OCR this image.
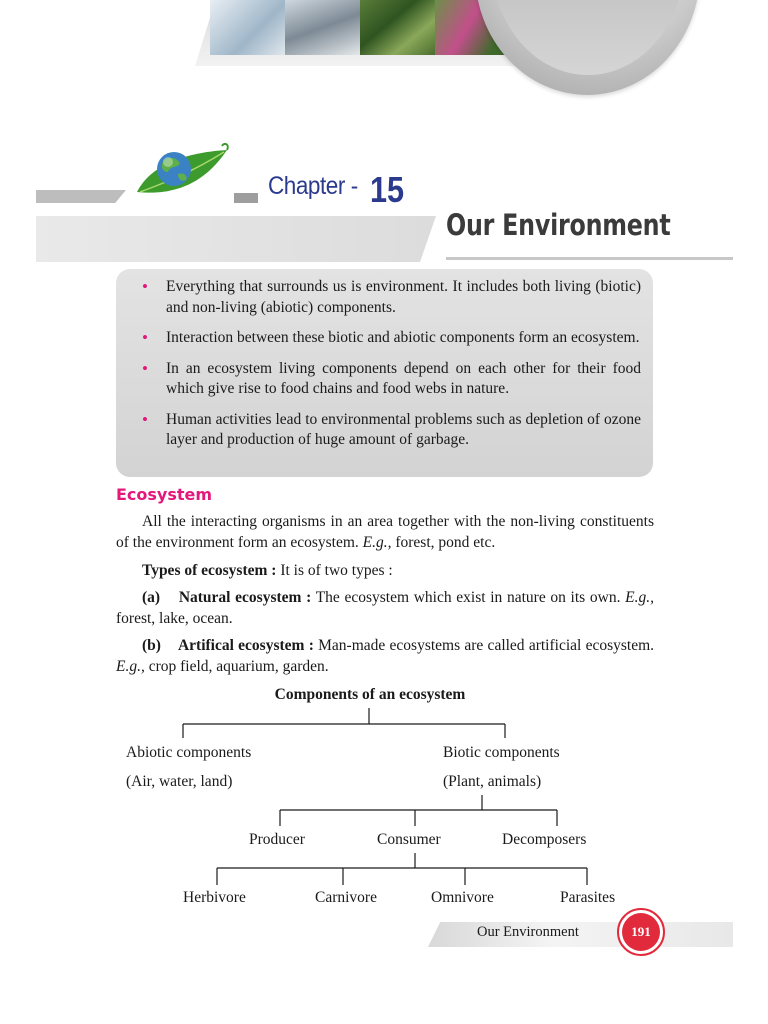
Chapter - 15
Our Environment
• Everything that surrounds us is environment. It includes both living (biotic) and non-living (abiotic) components.
• Interaction between these biotic and abiotic components form an ecosystem.
• In an ecosystem living components depend on each other for their food which give rise to food chains and food webs in nature.
• Human activities lead to environmental problems such as depletion of ozone layer and production of huge amount of garbage.
Ecosystem

All the interacting organisms in an area together with the non-living constituents of the environment form an ecosystem. E.g., forest, pond etc.

Types of ecosystem : It is of two types :

(a) Natural ecosystem : The ecosystem which exist in nature on its own. E.g., forest, lake, ocean.

(b) Artifical ecosystem : Man-made ecosystems are called artificial ecosystem. E.g., crop field, aquarium, garden.

Components of an ecosystem
Abiotic components
(Air, water, land)
Biotic components
(Plant, animals)
Producer	Consumer	Decomposers
Herbivore	Carnivore	Omnivore	Parasites
Our Environment	191
